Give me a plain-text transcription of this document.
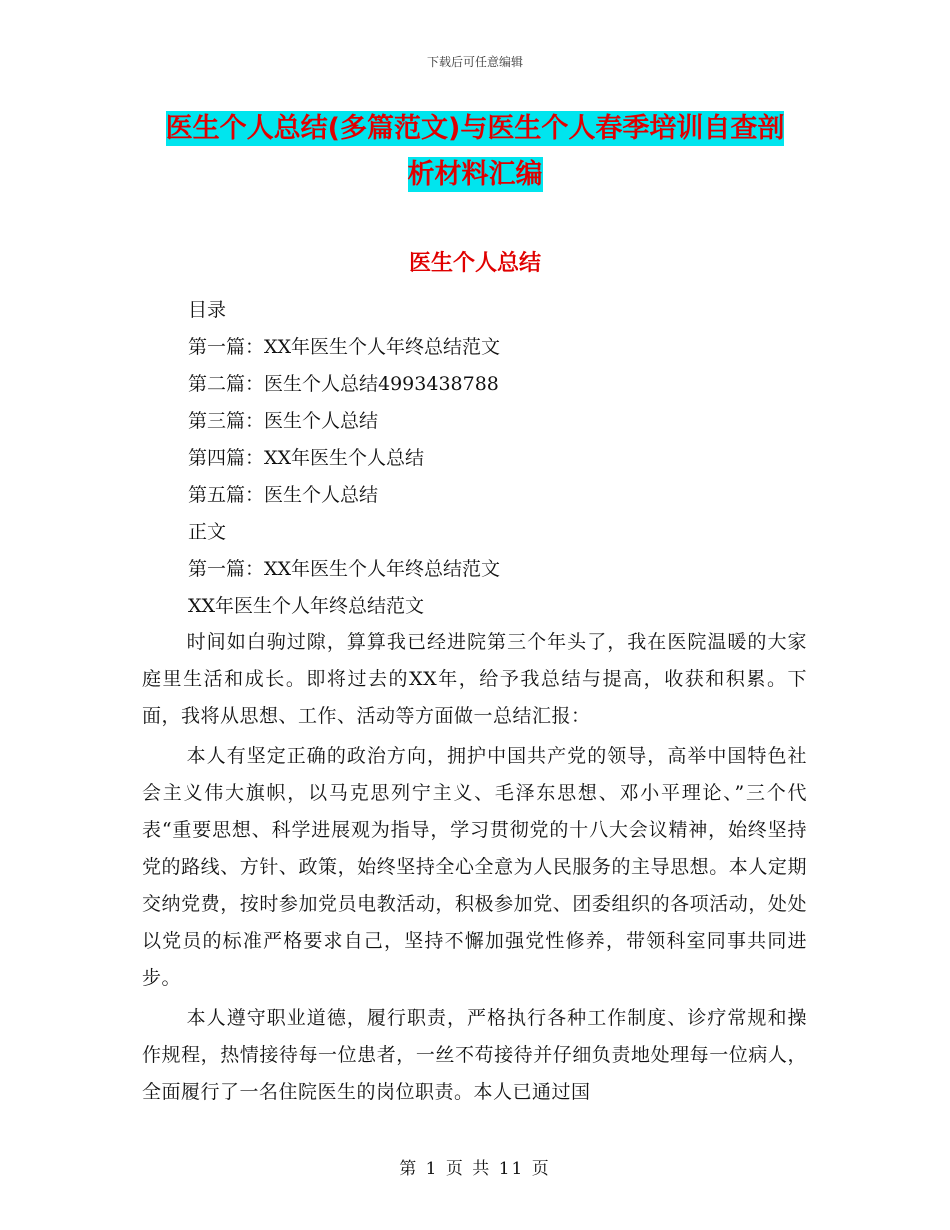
下载后可任意编辑
医生个人总结(多篇范文)与医生个人春季培训自查剖
析材料汇编
医生个人总结
目录
第一篇：XX年医生个人年终总结范文
第二篇：医生个人总结4993438788
第三篇：医生个人总结
第四篇：XX年医生个人总结
第五篇：医生个人总结
正文
第一篇：XX年医生个人年终总结范文
XX年医生个人年终总结范文

时间如白驹过隙，算算我已经进院第三个年头了，我在医院温暖的大家庭里生活和成长。即将过去的XX年，给予我总结与提高，收获和积累。下面，我将从思想、工作、活动等方面做一总结汇报：

本人有坚定正确的政治方向，拥护中国共产党的领导，高举中国特色社会主义伟大旗帜，以马克思列宁主义、毛泽东思想、邓小平理论、”三个代表“重要思想、科学进展观为指导，学习贯彻党的十八大会议精神，始终坚持党的路线、方针、政策，始终坚持全心全意为人民服务的主导思想。本人定期交纳党费，按时参加党员电教活动，积极参加党、团委组织的各项活动，处处以党员的标准严格要求自己，坚持不懈加强党性修养，带领科室同事共同进步。

本人遵守职业道德，履行职责，严格执行各种工作制度、诊疗常规和操作规程，热情接待每一位患者，一丝不苟接待并仔细负责地处理每一位病人，全面履行了一名住院医生的岗位职责。本人已通过国

第 1 页 共 11 页
